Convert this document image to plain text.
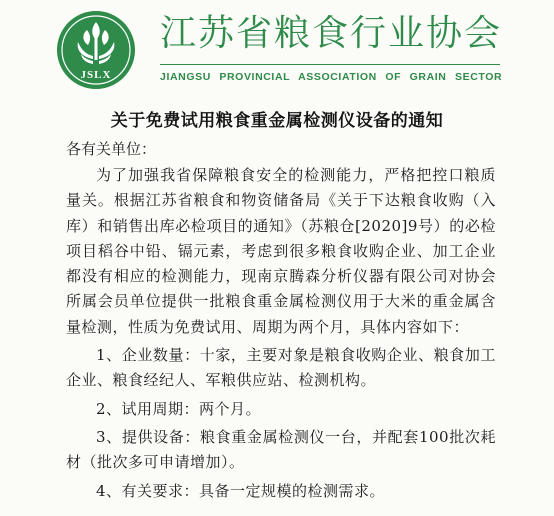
JSLX
江苏省粮食行业协会
JIANGSU PROVINCIAL ASSOCIATION OF GRAIN SECTOR
关于免费试用粮食重金属检测仪设备的通知
各有关单位：

为了加强我省保障粮食安全的检测能力，严格把控口粮质量关。根据江苏省粮食和物资储备局《关于下达粮食收购（入库）和销售出库必检项目的通知》（苏粮仓[2020]9号）的必检项目稻谷中铅、镉元素，考虑到很多粮食收购企业、加工企业都没有相应的检测能力，现南京腾森分析仪器有限公司对协会所属会员单位提供一批粮食重金属检测仪用于大米的重金属含量检测，性质为免费试用、周期为两个月，具体内容如下：

1、企业数量：十家，主要对象是粮食收购企业、粮食加工企业、粮食经纪人、军粮供应站、检测机构。

2、试用周期：两个月。

3、提供设备：粮食重金属检测仪一台，并配套100批次耗材（批次多可申请增加）。

4、有关要求：具备一定规模的检测需求。
